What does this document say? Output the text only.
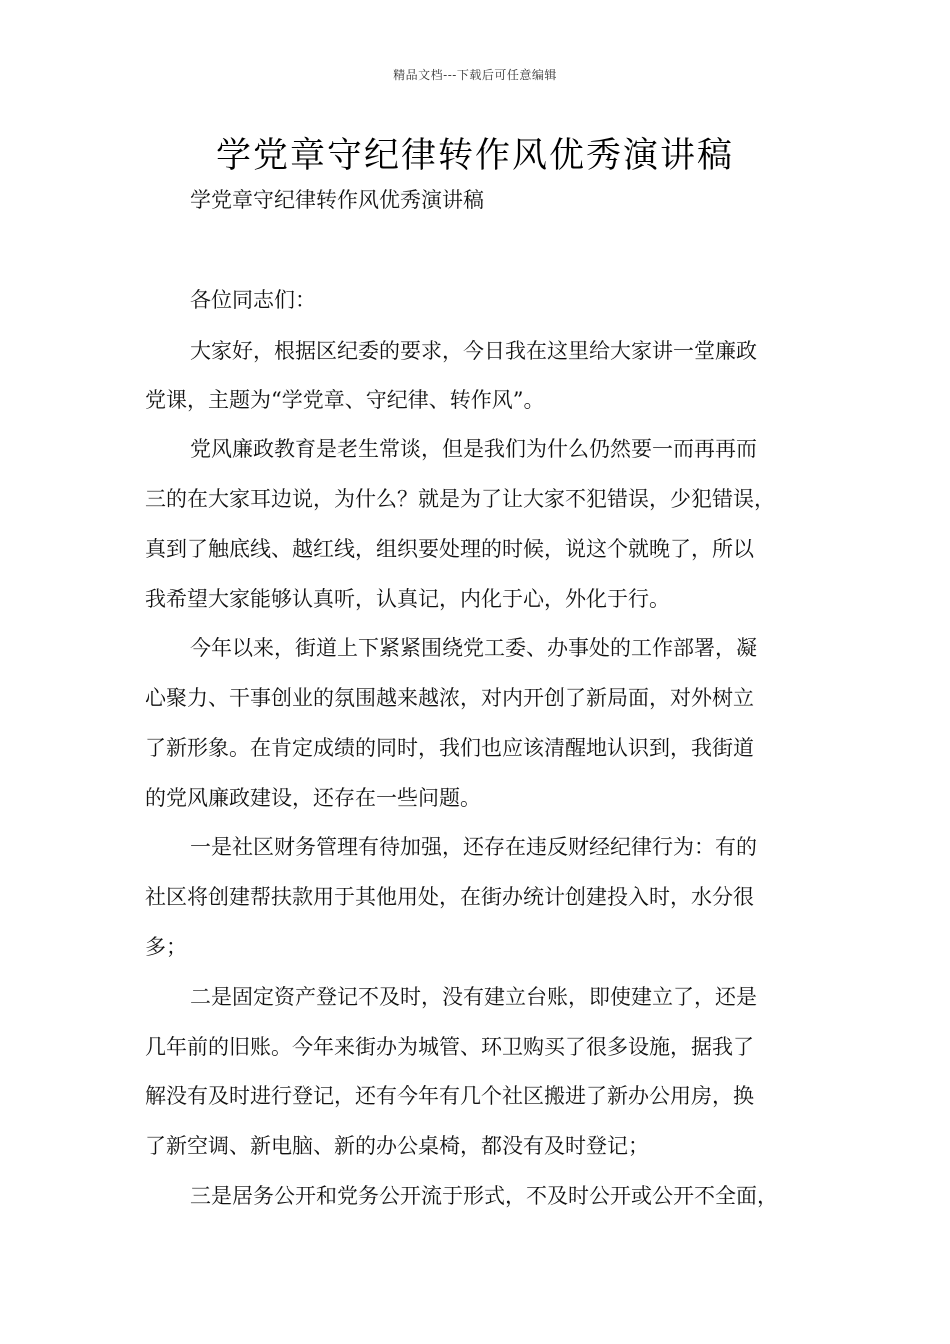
精品文档---下载后可任意编辑
学党章守纪律转作风优秀演讲稿
学党章守纪律转作风优秀演讲稿
各位同志们：
大家好，根据区纪委的要求，今日我在这里给大家讲一堂廉政
党课，主题为“学党章、守纪律、转作风”。
党风廉政教育是老生常谈，但是我们为什么仍然要一而再再而
三的在大家耳边说，为什么？就是为了让大家不犯错误，少犯错误，
真到了触底线、越红线，组织要处理的时候，说这个就晚了，所以
我希望大家能够认真听，认真记，内化于心，外化于行。
今年以来，街道上下紧紧围绕党工委、办事处的工作部署，凝
心聚力、干事创业的氛围越来越浓，对内开创了新局面，对外树立
了新形象。在肯定成绩的同时，我们也应该清醒地认识到，我街道
的党风廉政建设，还存在一些问题。
一是社区财务管理有待加强，还存在违反财经纪律行为：有的
社区将创建帮扶款用于其他用处，在街办统计创建投入时，水分很
多；
二是固定资产登记不及时，没有建立台账，即使建立了，还是
几年前的旧账。今年来街办为城管、环卫购买了很多设施，据我了
解没有及时进行登记，还有今年有几个社区搬进了新办公用房，换
了新空调、新电脑、新的办公桌椅，都没有及时登记；
三是居务公开和党务公开流于形式，不及时公开或公开不全面，
